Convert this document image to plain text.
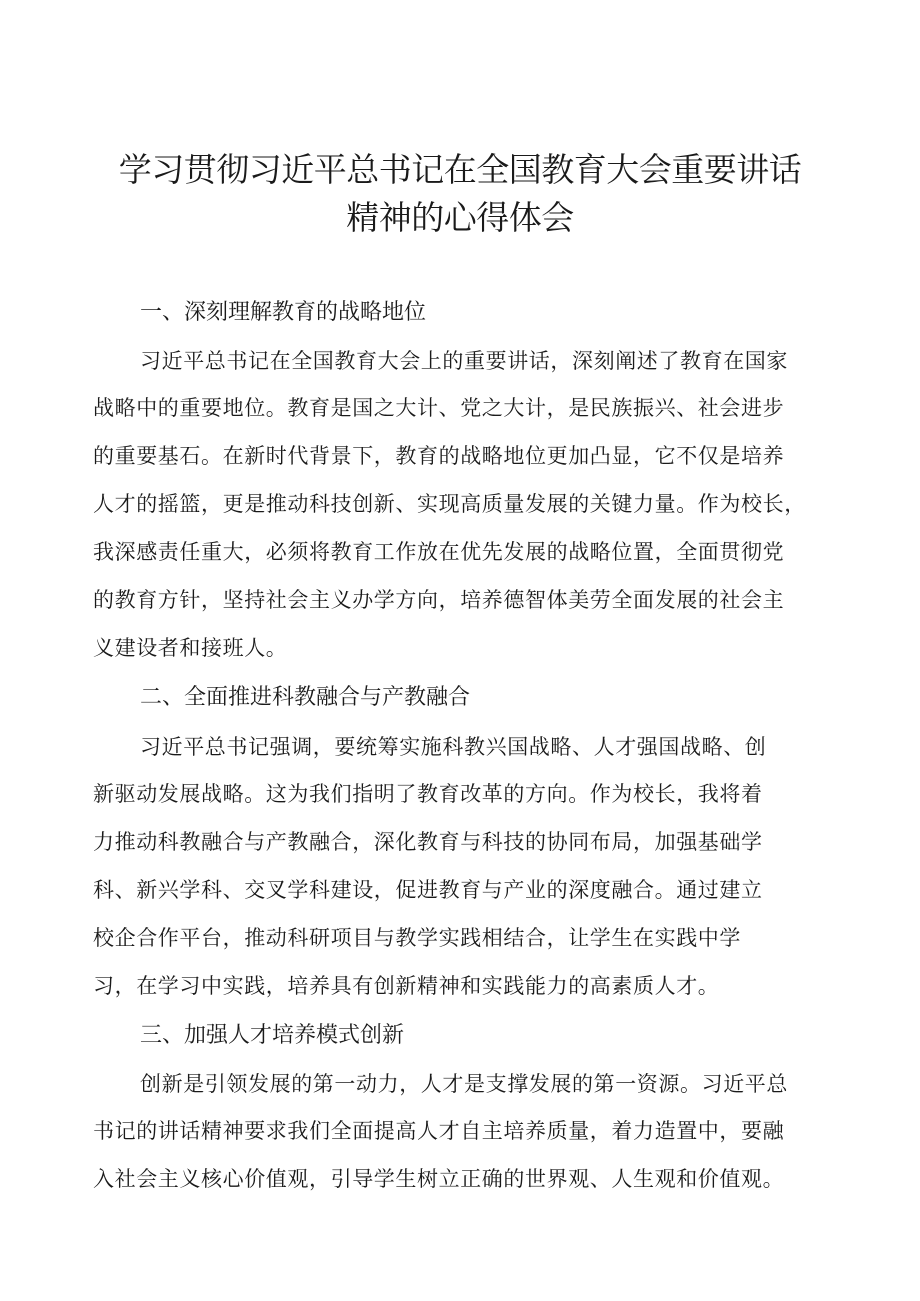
学习贯彻习近平总书记在全国教育大会重要讲话
精神的心得体会
一、深刻理解教育的战略地位
习近平总书记在全国教育大会上的重要讲话，深刻阐述了教育在国家
战略中的重要地位。教育是国之大计、党之大计，是民族振兴、社会进步
的重要基石。在新时代背景下，教育的战略地位更加凸显，它不仅是培养
人才的摇篮，更是推动科技创新、实现高质量发展的关键力量。作为校长，
我深感责任重大，必须将教育工作放在优先发展的战略位置，全面贯彻党
的教育方针，坚持社会主义办学方向，培养德智体美劳全面发展的社会主
义建设者和接班人。
二、全面推进科教融合与产教融合
习近平总书记强调，要统筹实施科教兴国战略、人才强国战略、创
新驱动发展战略。这为我们指明了教育改革的方向。作为校长，我将着
力推动科教融合与产教融合，深化教育与科技的协同布局，加强基础学
科、新兴学科、交叉学科建设，促进教育与产业的深度融合。通过建立
校企合作平台，推动科研项目与教学实践相结合，让学生在实践中学
习，在学习中实践，培养具有创新精神和实践能力的高素质人才。
三、加强人才培养模式创新
创新是引领发展的第一动力，人才是支撑发展的第一资源。习近平总
书记的讲话精神要求我们全面提高人才自主培养质量，着力造置中，要融
入社会主义核心价值观，引导学生树立正确的世界观、人生观和价值观。
